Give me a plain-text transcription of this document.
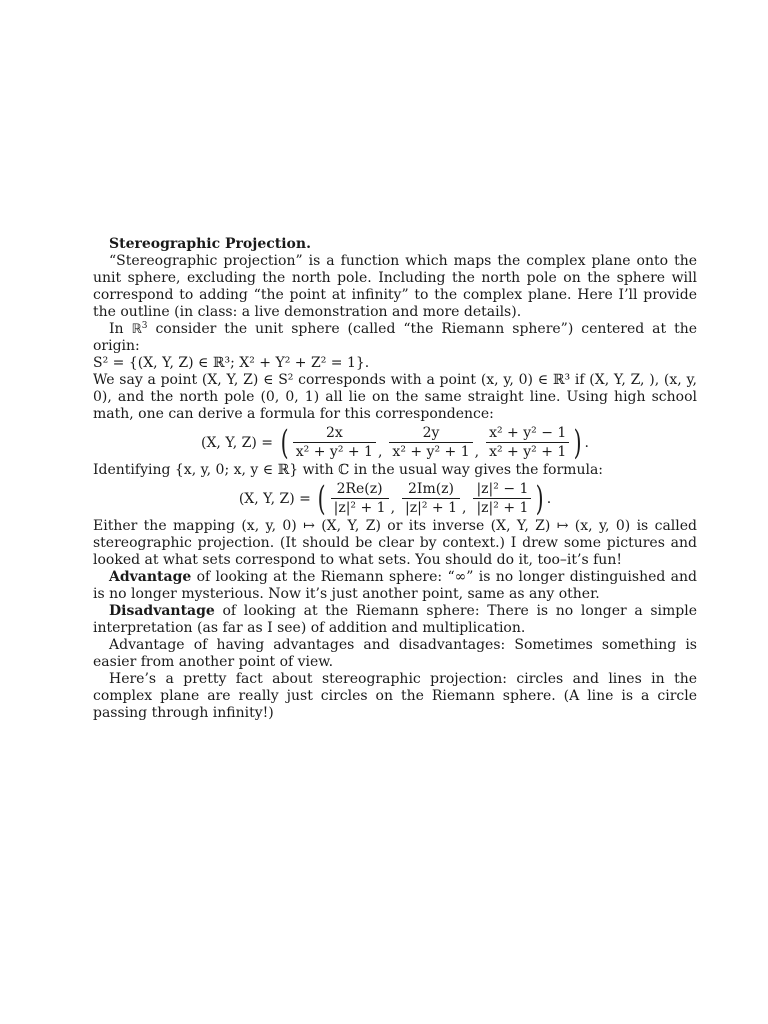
Stereographic Projection.

“Stereographic projection” is a function which maps the complex plane onto the unit sphere, excluding the north pole. Including the north pole on the sphere will correspond to adding “the point at infinity” to the complex plane. Here I’ll provide the outline (in class: a live demonstration and more details).

In ℝ$^3$ consider the unit sphere (called “the Riemann sphere”) centered at the origin:

S² = {(X, Y, Z) ∈ ℝ³; X² + Y² + Z² = 1}.

We say a point (X, Y, Z) ∈ S² corresponds with a point (x, y, 0) ∈ ℝ³ if (X, Y, Z, ), (x, y, 0), and the north pole (0, 0, 1) all lie on the same straight line. Using high school math, one can derive a formula for this correspondence:

(X, Y, Z) = ( $\frac{2x}{\text{x² + y² + 1}}$ , $\frac{2y}{\text{x² + y² + 1}}$ , $\frac{\text{x² + y² − 1}}{\text{x² + y² + 1}}$ ) .

Identifying {x, y, 0; x, y ∈ ℝ} with ℂ in the usual way gives the formula:

(X, Y, Z) = ( $\frac{2Re(z)}{\text{|z|² + 1}}$ , $\frac{2Im(z)}{\text{|z|² + 1}}$ , $\frac{\text{|z|² − 1}}{\text{|z|² + 1}}$ ) .

Either the mapping (x, y, 0) ↦ (X, Y, Z) or its inverse (X, Y, Z) ↦ (x, y, 0) is called stereographic projection. (It should be clear by context.) I drew some pictures and looked at what sets correspond to what sets. You should do it, too–it’s fun!

Advantage of looking at the Riemann sphere: “∞” is no longer distinguished and is no longer mysterious. Now it’s just another point, same as any other.

Disadvantage of looking at the Riemann sphere: There is no longer a simple interpretation (as far as I see) of addition and multiplication.

Advantage of having advantages and disadvantages: Sometimes something is easier from another point of view.

Here’s a pretty fact about stereographic projection: circles and lines in the complex plane are really just circles on the Riemann sphere. (A line is a circle passing through infinity!)
